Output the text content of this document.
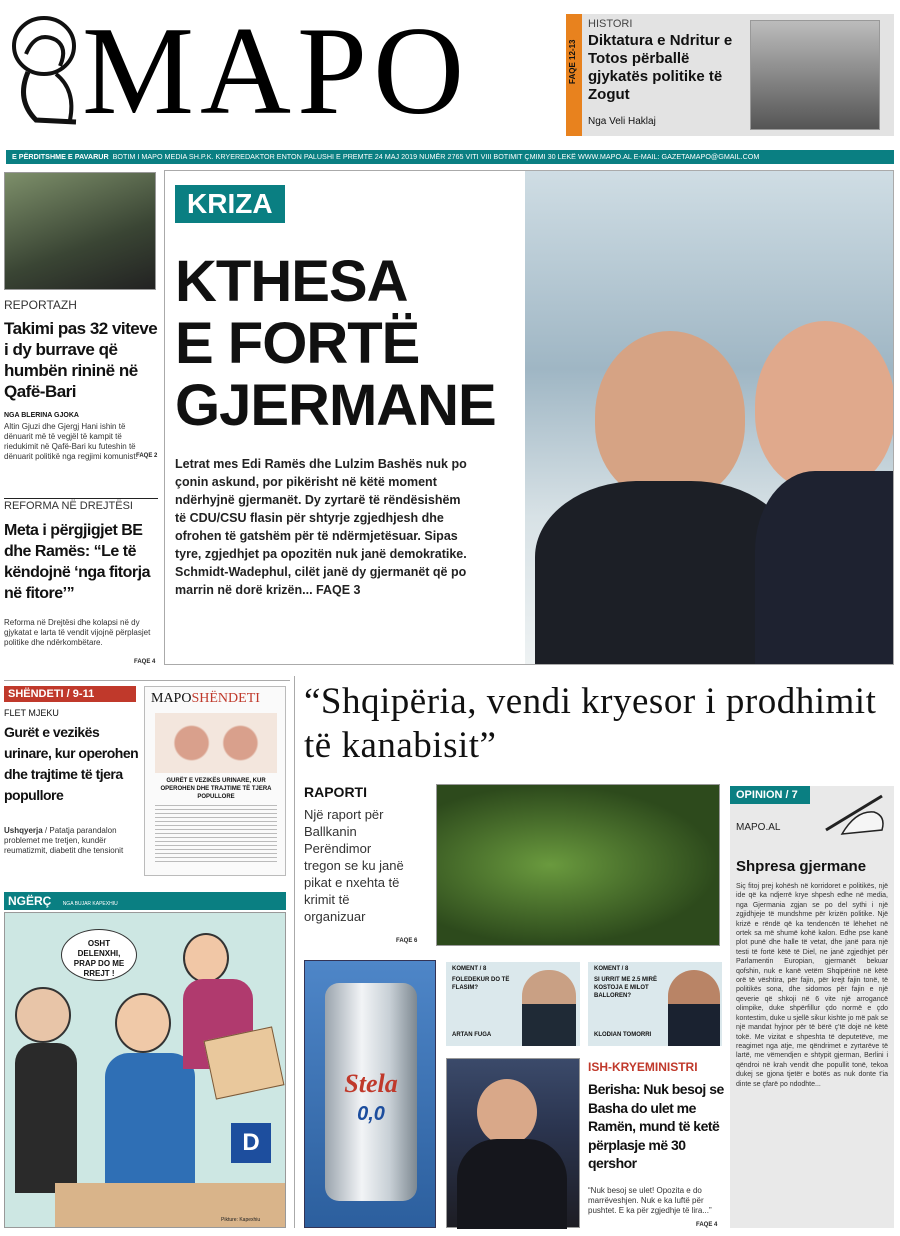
MAPO	FAQE 12-13
HISTORI
Diktatura e Ndritur e Totos përballë gjykatës politike të Zogut
Nga Veli Haklaj
E PËRDITSHME E PAVARUR BOTIM I MAPO MEDIA SH.P.K. KRYEREDAKTOR ENTON PALUSHI E PREMTE 24 MAJ 2019 NUMËR 2765 VITI VIII BOTIMIT ÇMIMI 30 LEKË WWW.MAPO.AL E-MAIL: GAZETAMAPO@GMAIL.COM
REPORTAZH
Takimi pas 32 viteve i dy burrave që humbën rininë në Qafë-Bari
NGA BLERINA GJOKA
Altin Gjuzi dhe Gjergj Hani ishin të dënuarit më të vegjël të kampit të riedukimit në Qafë-Bari ku futeshin të dënuarit politikë nga regjimi komunist.
FAQE 2
REFORMA NË DREJTËSI
Meta i përgjigjet BE dhe Ramës: “Le të këndojnë ‘nga fitorja në fitore’”
Reforma në Drejtësi dhe kolapsi në dy gjykatat e larta të vendit vijojnë përplasjet politike dhe ndërkombëtare.
FAQE 4
KRIZA
KTHESA
E FORTË
GJERMANE
Letrat mes Edi Ramës dhe Lulzim Bashës nuk po çonin askund, por pikërisht në këtë moment ndërhyjnë gjermanët. Dy zyrtarë të rëndësishëm të CDU/CSU flasin për shtyrje zgjedhjesh dhe ofrohen të gatshëm për të ndërmjetësuar. Sipas tyre, zgjedhjet pa opozitën nuk janë demokratike. Schmidt-Wadephul, cilët janë dy gjermanët që po marrin në dorë krizën... FAQE 3
SHËNDETI / 9-11
FLET MJEKU
Gurët e vezikës urinare, kur operohen dhe trajtime të tjera popullore
Ushqyerja / Patatja parandalon problemet me tretjen, kundër reumatizmit, diabetit dhe tensionit
MAPOSHËNDETI
GURËT E VEZIKËS URINARE, KUR OPEROHEN DHE TRAJTIME TË TJERA POPULLORE
NGËRÇ NGA BUJAR KAPEXHIU
OSHT DELENXHI, PRAP DO ME RREJT !
D
Pikture: Kapexhiu
“Shqipëria, vendi kryesor i prodhimit të kanabisit”
RAPORTI
Një raport për Ballkanin Perëndimor tregon se ku janë pikat e nxehta të krimit të organizuar
FAQE 6
OPINION / 7
MAPO.AL
Shpresa gjermane
Siç fitoj prej kohësh në korridoret e politikës, një ide që ka ndjerrë krye shpesh edhe në media, nga Gjermania zgjan se po del sythi i një zgjidhjeje të mundshme për krizën politike. Një krizë e rëndë që ka tendencën të lëhehet në ortek sa më shumë kohë kalon. Edhe pse kanë plot punë dhe halle të vetat, dhe janë para një testi të fortë këtë të Diel, ne janë zgjedhjet për Parlamentin Europian, gjermanët bekuar qofshin, nuk e kanë vetëm Shqipërinë në këtë orë të vështira, për fajin, për krejt fajin tonë, të politikës sona, dhe sidomos për fajin e një qeverie që shkoji në 6 vite një arrogancë olimpike, duke shpërfillur çdo normë e çdo kontestim, duke u sjellë sikur kishte jo më pak se një mandat hyjnor për të bërë ç'të dojë në këtë tokë. Me vizitat e shpeshta të deputetëve, me reagimet nga atje, me qëndrimet e zyrtarëve të lartë, me vëmendjen e shtypit gjerman, Berlini i qëndroi në krah vendit dhe popullit tonë, tekoa dukej se gjona tjetër e botës as nuk donte t'ia dinte se çfarë po ndodhte...
KOMENT / 8
FOLEDEKUR DO TË FLASIM?
ARTAN FUGA
KOMENT / 8
SI URRIT ME 2.5 MIRË KOSTOJA E MILOT BALLOREN?
KLODIAN TOMORRI
Stela
0,0
ISH-KRYEMINISTRI
Berisha: Nuk besoj se Basha do ulet me Ramën, mund të ketë përplasje më 30 qershor
“Nuk besoj se ulet! Opozita e do marrëveshjen. Nuk e ka luftë për pushtet. E ka për zgjedhje të lira...”
FAQE 4
